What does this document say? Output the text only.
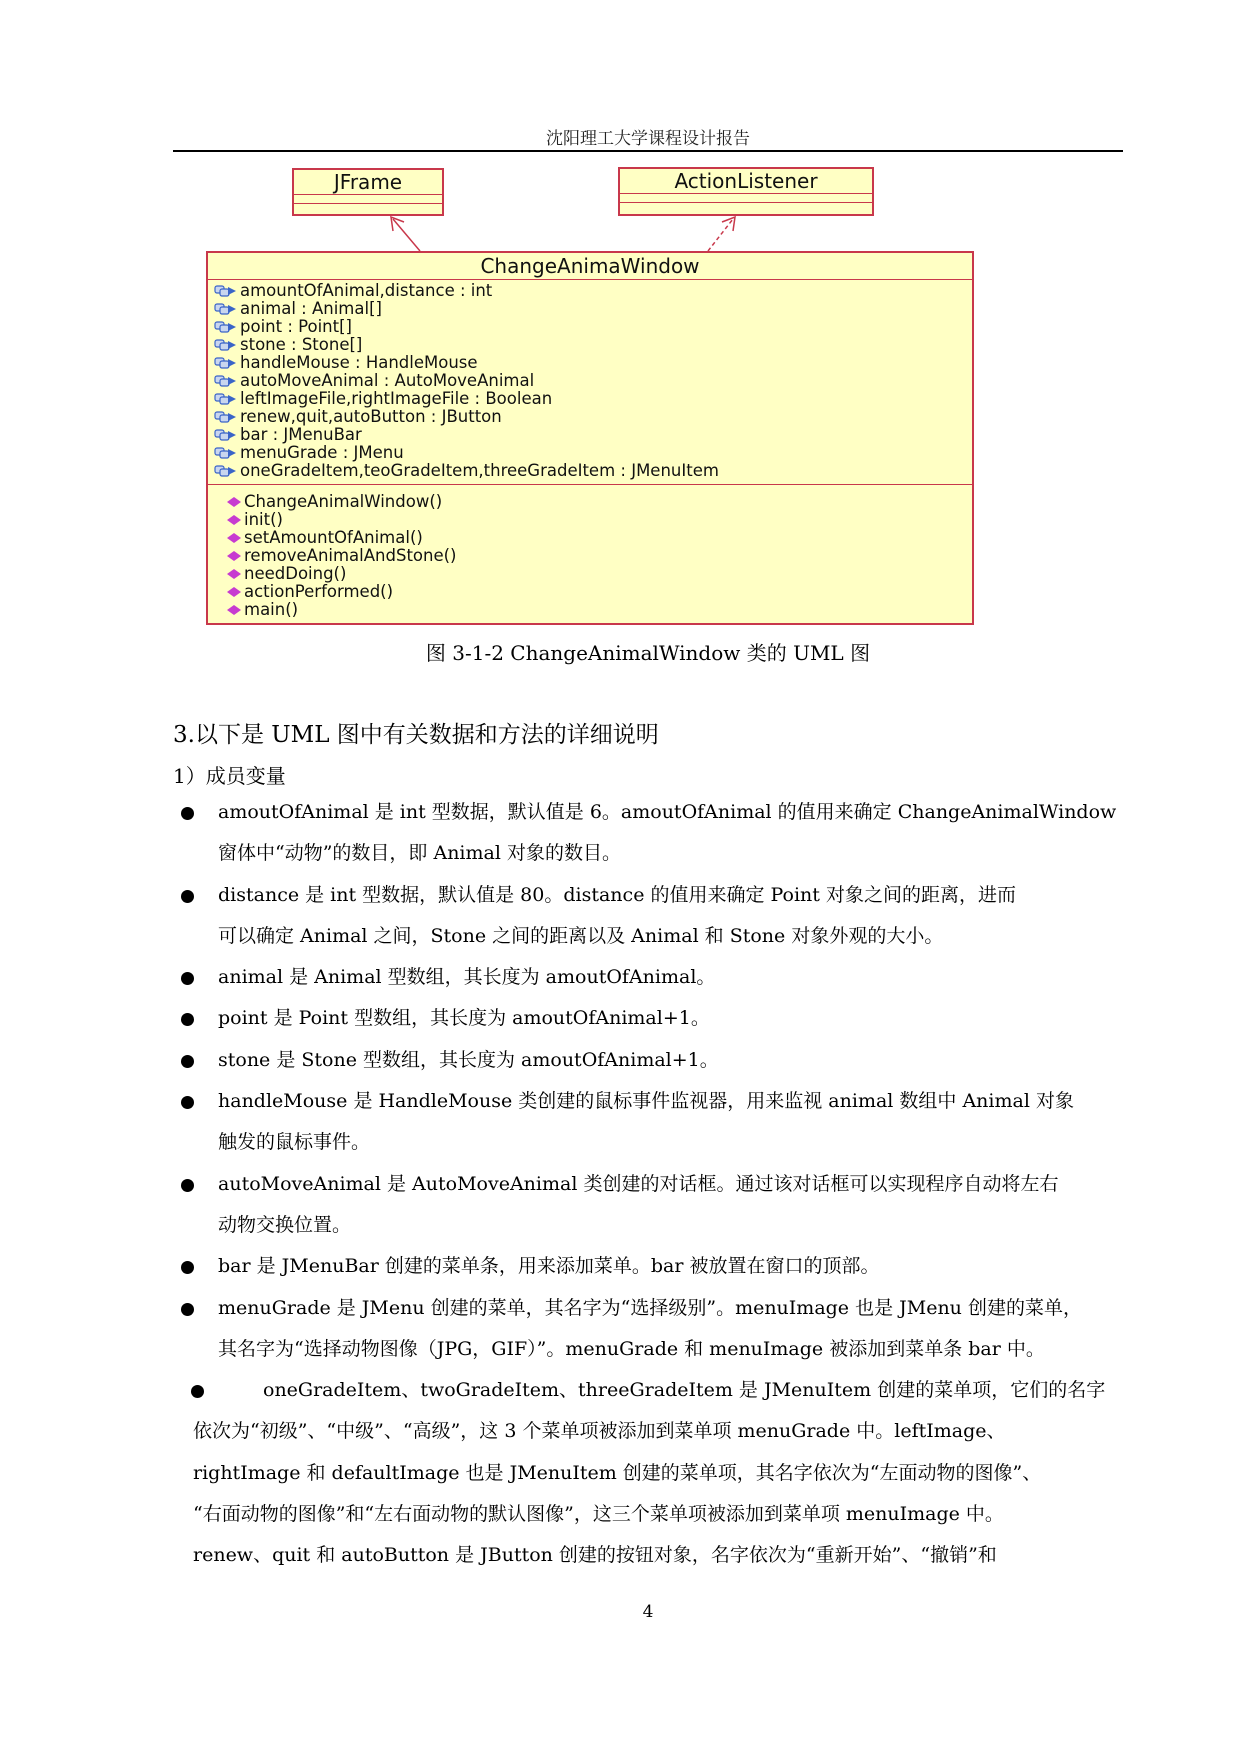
沈阳理工大学课程设计报告
JFrame	ActionListener
ChangeAnimaWindow
amountOfAnimal,distance : int
animal : Animal[]
point : Point[]
stone : Stone[]
handleMouse : HandleMouse
autoMoveAnimal : AutoMoveAnimal
leftImageFile,rightImageFile : Boolean
renew,quit,autoButton : JButton
bar : JMenuBar
menuGrade : JMenu
oneGradeItem,teoGradeItem,threeGradeItem : JMenuItem
ChangeAnimalWindow()
init()
setAmountOfAnimal()
removeAnimalAndStone()
needDoing()
actionPerformed()
main()
图 3-1-2 ChangeAnimalWindow 类的 UML 图
3.以下是 UML 图中有关数据和方法的详细说明
1）成员变量
amoutOfAnimal 是 int 型数据，默认值是 6。amoutOfAnimal 的值用来确定 ChangeAnimalWindow
窗体中“动物”的数目，即 Animal 对象的数目。
distance 是 int 型数据，默认值是 80。distance 的值用来确定 Point 对象之间的距离，进而
可以确定 Animal 之间，Stone 之间的距离以及 Animal 和 Stone 对象外观的大小。
animal 是 Animal 型数组，其长度为 amoutOfAnimal。
point 是 Point 型数组，其长度为 amoutOfAnimal+1。
stone 是 Stone 型数组，其长度为 amoutOfAnimal+1。
handleMouse 是 HandleMouse 类创建的鼠标事件监视器，用来监视 animal 数组中 Animal 对象
触发的鼠标事件。
autoMoveAnimal 是 AutoMoveAnimal 类创建的对话框。通过该对话框可以实现程序自动将左右
动物交换位置。
bar 是 JMenuBar 创建的菜单条，用来添加菜单。bar 被放置在窗口的顶部。
menuGrade 是 JMenu 创建的菜单，其名字为“选择级别”。menuImage 也是 JMenu 创建的菜单，
其名字为“选择动物图像（JPG，GIF）”。menuGrade 和 menuImage 被添加到菜单条 bar 中。
oneGradeItem、twoGradeItem、threeGradeItem 是 JMenuItem 创建的菜单项，它们的名字
依次为“初级”、“中级”、“高级”，这 3 个菜单项被添加到菜单项 menuGrade 中。leftImage、
rightImage 和 defaultImage 也是 JMenuItem 创建的菜单项，其名字依次为“左面动物的图像”、
“右面动物的图像”和“左右面动物的默认图像”，这三个菜单项被添加到菜单项 menuImage 中。
renew、quit 和 autoButton 是 JButton 创建的按钮对象，名字依次为“重新开始”、“撤销”和
4
